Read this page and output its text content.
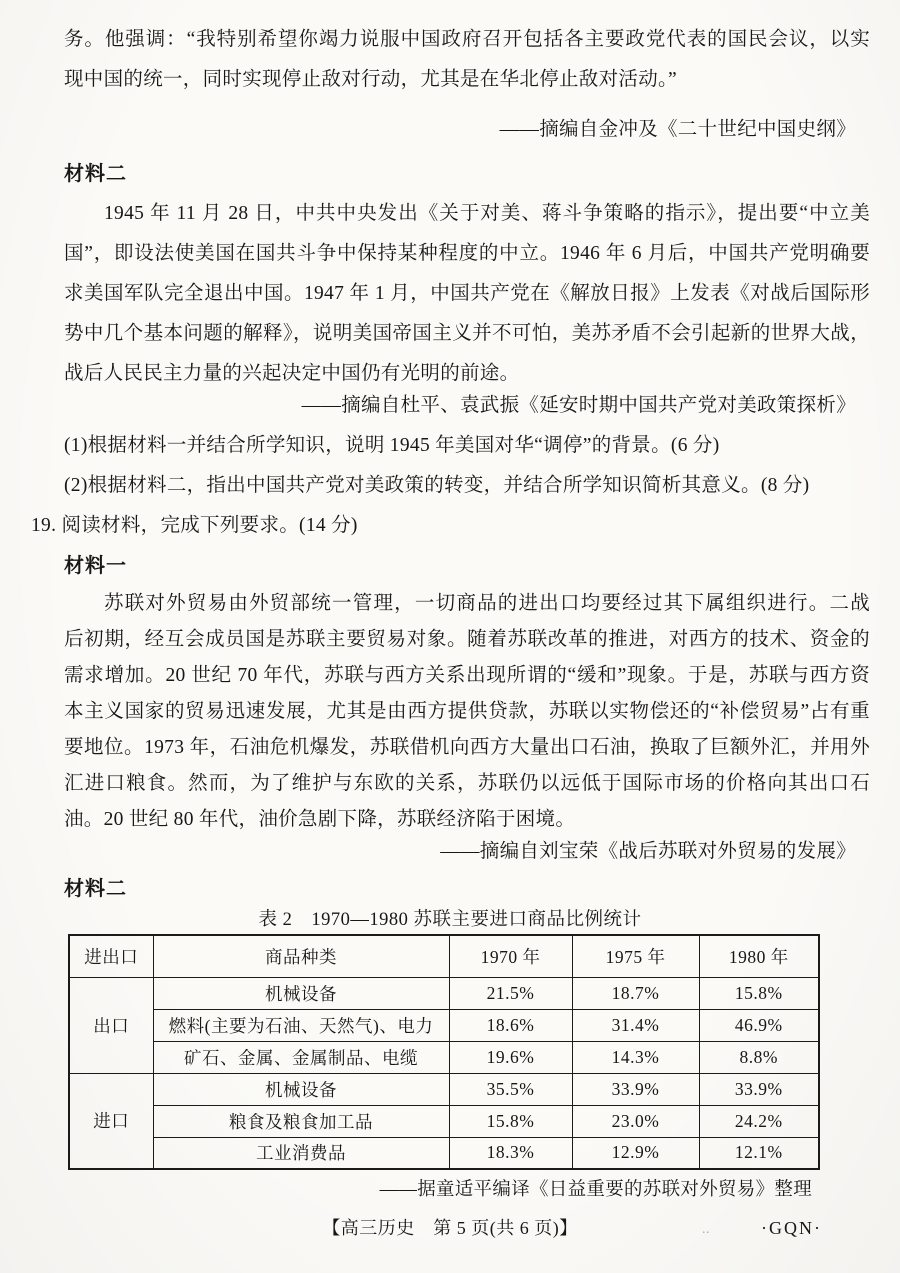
务。他强调：“我特别希望你竭力说服中国政府召开包括各主要政党代表的国民会议，以实
现中国的统一，同时实现停止敌对行动，尤其是在华北停止敌对活动。”
——摘编自金冲及《二十世纪中国史纲》
材料二
1945 年 11 月 28 日，中共中央发出《关于对美、蒋斗争策略的指示》，提出要“中立美
国”，即设法使美国在国共斗争中保持某种程度的中立。1946 年 6 月后，中国共产党明确要
求美国军队完全退出中国。1947 年 1 月，中国共产党在《解放日报》上发表《对战后国际形
势中几个基本问题的解释》，说明美国帝国主义并不可怕，美苏矛盾不会引起新的世界大战，
战后人民民主力量的兴起决定中国仍有光明的前途。
——摘编自杜平、袁武振《延安时期中国共产党对美政策探析》
(1)根据材料一并结合所学知识，说明 1945 年美国对华“调停”的背景。(6 分)
(2)根据材料二，指出中国共产党对美政策的转变，并结合所学知识简析其意义。(8 分)
19. 阅读材料，完成下列要求。(14 分)
材料一
苏联对外贸易由外贸部统一管理，一切商品的进出口均要经过其下属组织进行。二战
后初期，经互会成员国是苏联主要贸易对象。随着苏联改革的推进，对西方的技术、资金的
需求增加。20 世纪 70 年代，苏联与西方关系出现所谓的“缓和”现象。于是，苏联与西方资
本主义国家的贸易迅速发展，尤其是由西方提供贷款，苏联以实物偿还的“补偿贸易”占有重
要地位。1973 年，石油危机爆发，苏联借机向西方大量出口石油，换取了巨额外汇，并用外
汇进口粮食。然而，为了维护与东欧的关系，苏联仍以远低于国际市场的价格向其出口石
油。20 世纪 80 年代，油价急剧下降，苏联经济陷于困境。
——摘编自刘宝荣《战后苏联对外贸易的发展》
材料二
表 2　1970—1980 苏联主要进口商品比例统计
进出口	商品种类	1970 年	1975 年	1980 年
出口	机械设备	21.5%	18.7%	15.8%
	燃料(主要为石油、天然气)、电力	18.6%	31.4%	46.9%
	矿石、金属、金属制品、电缆	19.6%	14.3%	8.8%
进口	机械设备	35.5%	33.9%	33.9%
	粮食及粮食加工品	15.8%	23.0%	24.2%
	工业消费品	18.3%	12.9%	12.1%
——据童适平编译《日益重要的苏联对外贸易》整理
【高三历史　第 5 页(共 6 页)】	..	·GQN·
